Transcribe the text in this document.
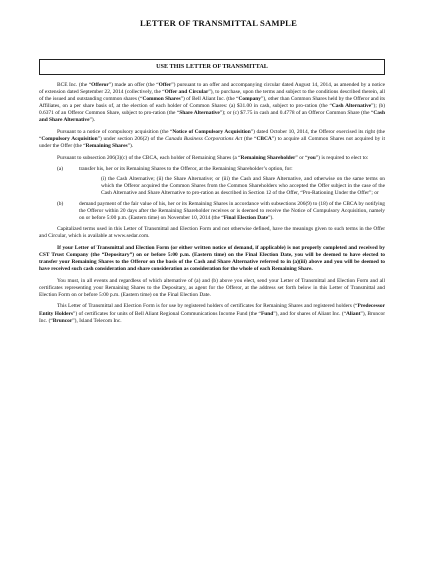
LETTER OF TRANSMITTAL SAMPLE
USE THIS LETTER OF TRANSMITTAL

BCE Inc. (the “Offeror”) made an offer (the “Offer”) pursuant to an offer and accompanying circular dated August 14, 2014, as amended by a notice of extension dated September 22, 2014 (collectively, the “Offer and Circular”), to purchase, upon the terms and subject to the conditions described therein, all of the issued and outstanding common shares (“Common Shares”) of Bell Aliant Inc. (the “Company”), other than Common Shares held by the Offeror and its Affiliates, on a per share basis of, at the election of each holder of Common Shares: (a) $31.00 in cash, subject to pro-ration (the “Cash Alternative”); (b) 0.6371 of an Offeror Common Share, subject to pro-ration (the “Share Alternative”); or (c) $7.75 in cash and 0.4778 of an Offeror Common Share (the “Cash and Share Alternative”).

Pursuant to a notice of compulsory acquisition (the “Notice of Compulsory Acquisition”) dated October 10, 2014, the Offeror exercised its right (the “Compulsory Acquisition”) under section 206(2) of the Canada Business Corporations Act (the “CBCA”) to acquire all Common Shares not acquired by it under the Offer (the “Remaining Shares”).

Pursuant to subsection 206(3)(c) of the CBCA, each holder of Remaining Shares (a “Remaining Shareholder” or “you”) is required to elect to:

(a)	transfer his, her or its Remaining Shares to the Offeror, at the Remaining Shareholder’s option, for:
(i) the Cash Alternative; (ii) the Share Alternative; or (iii) the Cash and Share Alternative, and otherwise on the same terms on which the Offeror acquired the Common Shares from the Common Shareholders who accepted the Offer subject in the case of the Cash Alternative and Share Alternative to pro-ration as described in Section 12 of the Offer, “Pro-Rationing Under the Offer”; or
(b)	demand payment of the fair value of his, her or its Remaining Shares in accordance with subsections 206(9) to (18) of the CBCA by notifying the Offeror within 20 days after the Remaining Shareholder receives or is deemed to receive the Notice of Compulsory Acquisition, namely on or before 5:00 p.m. (Eastern time) on November 10, 2014 (the “Final Election Date”).

Capitalized terms used in this Letter of Transmittal and Election Form and not otherwise defined, have the meanings given to such terms in the Offer and Circular, which is available at www.sedar.com.

If your Letter of Transmittal and Election Form (or either written notice of demand, if applicable) is not properly completed and received by CST Trust Company (the “Depositary”) on or before 5:00 p.m. (Eastern time) on the Final Election Date, you will be deemed to have elected to transfer your Remaining Shares to the Offeror on the basis of the Cash and Share Alternative referred to in (a)(iii) above and you will be deemed to have received such cash consideration and share consideration as consideration for the whole of each Remaining Share.

You must, in all events and regardless of which alternative of (a) and (b) above you elect, send your Letter of Transmittal and Election Form and all certificates representing your Remaining Shares to the Depositary, as agent for the Offeror, at the address set forth below in this Letter of Transmittal and Election Form on or before 5:00 p.m. (Eastern time) on the Final Election Date.

This Letter of Transmittal and Election Form is for use by registered holders of certificates for Remaining Shares and registered holders (“Predecessor Entity Holders”) of certificates for units of Bell Aliant Regional Communications Income Fund (the “Fund”), and for shares of Aliant Inc. (“Aliant”), Bruncor Inc. (“Bruncor”), Island Telecom Inc.
